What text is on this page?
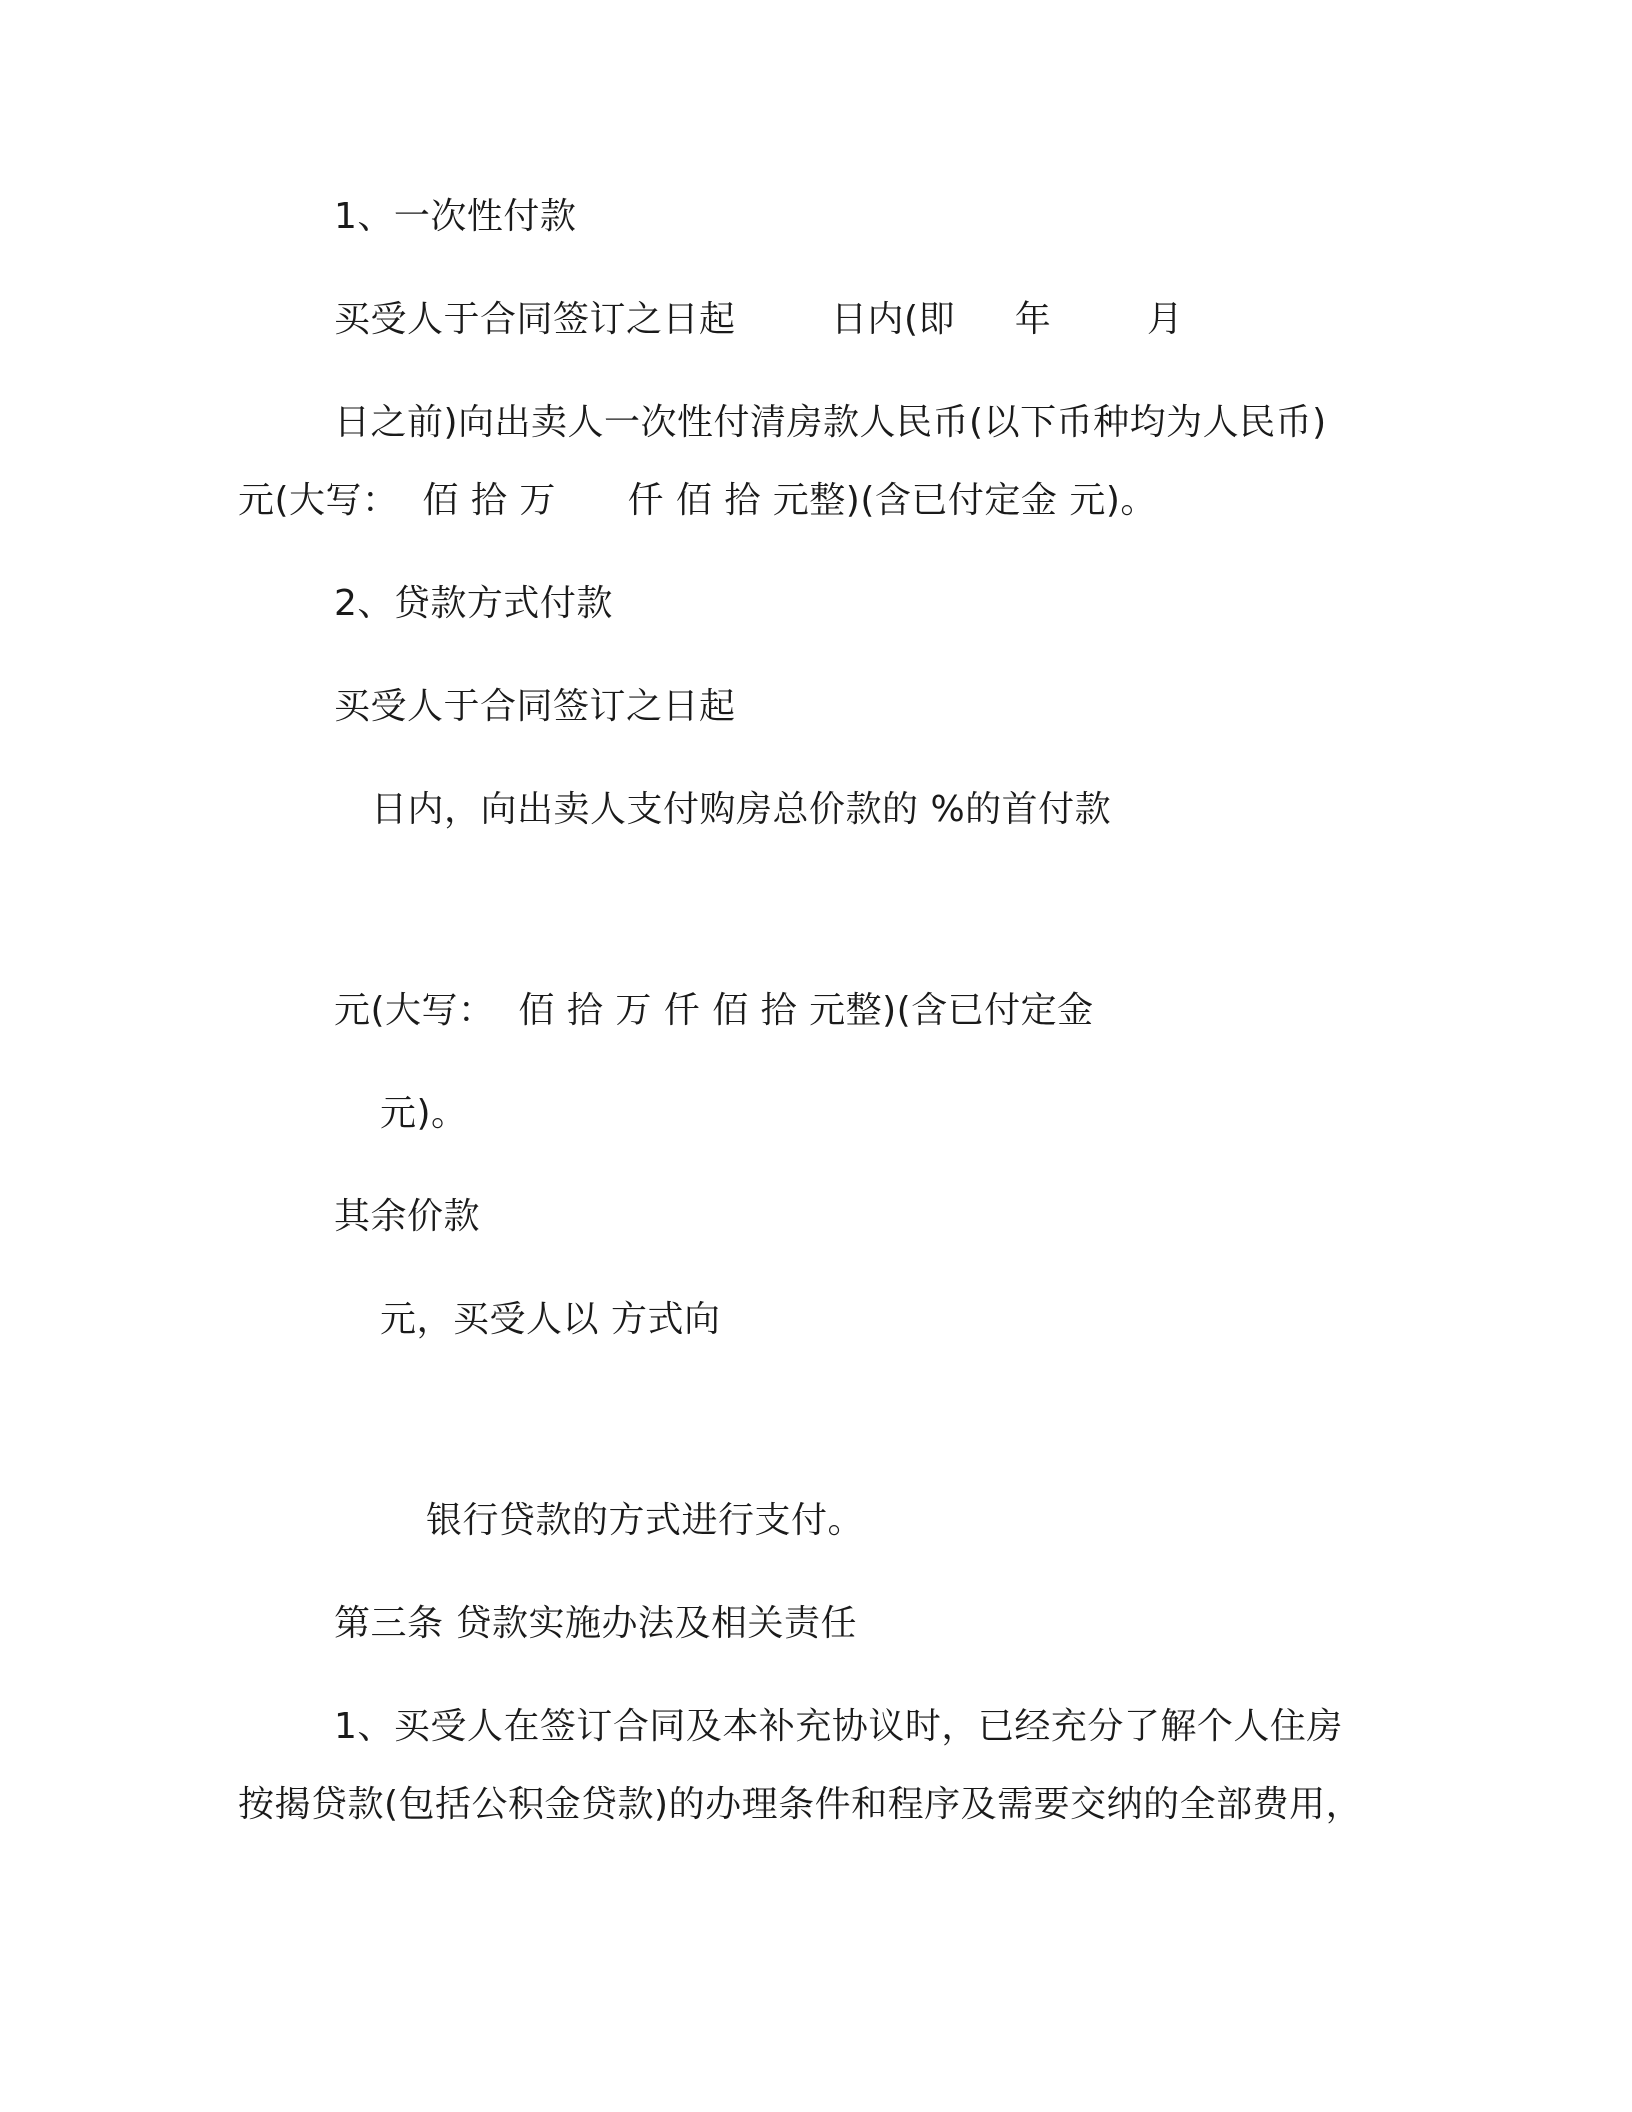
1、一次性付款
买受人于合同签订之日起        日内(即     年        月
日之前)向出卖人一次性付清房款人民币(以下币种均为人民币)
元(大写：  佰 拾 万      仟 佰 拾 元整)(含已付定金 元)。
2、贷款方式付款
买受人于合同签订之日起
日内，向出卖人支付购房总价款的 %的首付款
元(大写：  佰 拾 万 仟 佰 拾 元整)(含已付定金
元)。
其余价款
元，买受人以 方式向
银行贷款的方式进行支付。
第三条 贷款实施办法及相关责任
1、买受人在签订合同及本补充协议时，已经充分了解个人住房
按揭贷款(包括公积金贷款)的办理条件和程序及需要交纳的全部费用，
